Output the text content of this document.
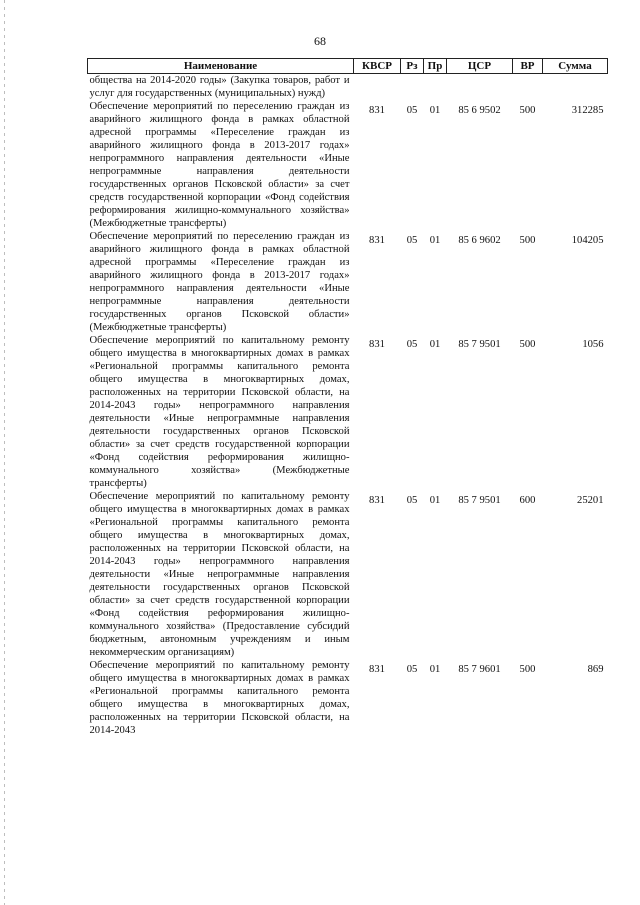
68
Наименование	КВСР	Рз	Пр	ЦСР	ВР	Сумма
общества на 2014-2020 годы» (Закупка товаров, работ и услуг для государственных (муниципальных) нужд)						
Обеспечение мероприятий по переселению граждан из аварийного жилищного фонда в рамках областной адресной программы «Переселение граждан из аварийного жилищного фонда в 2013-2017 годах» непрограммного направления деятельности «Иные непрограммные направления деятельности государственных органов Псковской области» за счет средств государственной корпорации «Фонд содействия реформирования жилищно-коммунального хозяйства» (Межбюджетные трансферты)	831	05	01	85 6 9502	500	312285
Обеспечение мероприятий по переселению граждан из аварийного жилищного фонда в рамках областной адресной программы «Переселение граждан из аварийного жилищного фонда в 2013-2017 годах» непрограммного направления деятельности «Иные непрограммные направления деятельности государственных органов Псковской области» (Межбюджетные трансферты)	831	05	01	85 6 9602	500	104205
Обеспечение мероприятий по капитальному ремонту общего имущества в многоквартирных домах в рамках «Региональной программы капитального ремонта общего имущества в многоквартирных домах, расположенных на территории Псковской области, на 2014-2043 годы» непрограммного направления деятельности «Иные непрограммные направления деятельности государственных органов Псковской области» за счет средств государственной корпорации «Фонд содействия реформирования жилищно-коммунального хозяйства» (Межбюджетные трансферты)	831	05	01	85 7 9501	500	1056
Обеспечение мероприятий по капитальному ремонту общего имущества в многоквартирных домах в рамках «Региональной программы капитального ремонта общего имущества в многоквартирных домах, расположенных на территории Псковской области, на 2014-2043 годы» непрограммного направления деятельности «Иные непрограммные направления деятельности государственных органов Псковской области» за счет средств государственной корпорации «Фонд содействия реформирования жилищно-коммунального хозяйства» (Предоставление субсидий бюджетным, автономным учреждениям и иным некоммерческим организациям)	831	05	01	85 7 9501	600	25201
Обеспечение мероприятий по капитальному ремонту общего имущества в многоквартирных домах в рамках «Региональной программы капитального ремонта общего имущества в многоквартирных домах, расположенных на территории Псковской области, на 2014-2043	831	05	01	85 7 9601	500	869
